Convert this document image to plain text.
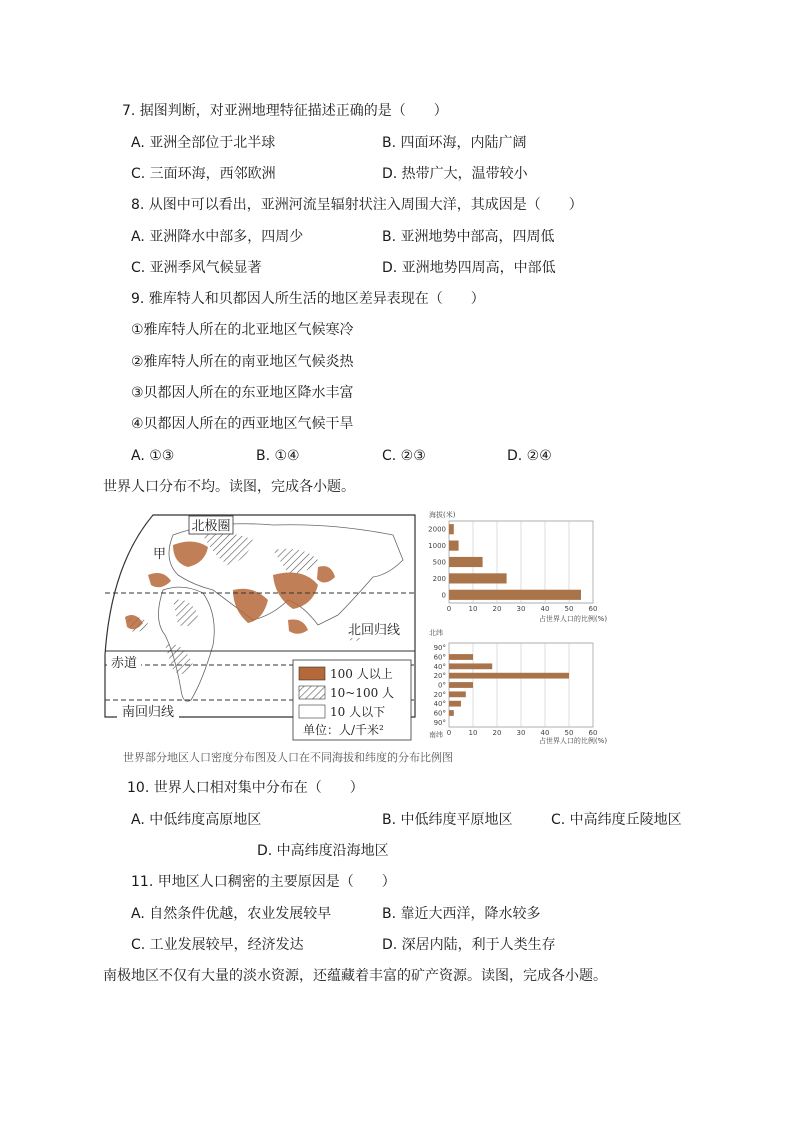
7. 据图判断，对亚洲地理特征描述正确的是（　　）
A. 亚洲全部位于北半球	B. 四面环海，内陆广阔
C. 三面环海，西邻欧洲	D. 热带广大，温带较小
8. 从图中可以看出，亚洲河流呈辐射状注入周围大洋，其成因是（　　）
A. 亚洲降水中部多，四周少	B. 亚洲地势中部高，四周低
C. 亚洲季风气候显著	D. 亚洲地势四周高，中部低
9. 雅库特人和贝都因人所生活的地区差异表现在（　　）
①雅库特人所在的北亚地区气候寒冷
②雅库特人所在的南亚地区气候炎热
③贝都因人所在的东亚地区降水丰富
④贝都因人所在的西亚地区气候干旱
A. ①③	B. ①④	C. ②③	D. ②④
世界人口分布不均。读图，完成各小题。
北极圈
甲
北回归线
赤道
南回归线
100 人以上
10~100 人
10 人以下
单位：人/千米²
海拔(米)
2000
1000
500
200
0
0 10 20 30 40 50 60
占世界人口的比例(%)
北纬
南纬
90°
60°
40°
20°
0°
20°
40°
60°
90°
0 10 20 30 40 50 60
占世界人口的比例(%)
世界部分地区人口密度分布图及人口在不同海拔和纬度的分布比例图
10. 世界人口相对集中分布在（　　）
A. 中低纬度高原地区	B. 中低纬度平原地区	C. 中高纬度丘陵地区
D. 中高纬度沿海地区
11. 甲地区人口稠密的主要原因是（　　）
A. 自然条件优越，农业发展较早	B. 靠近大西洋，降水较多
C. 工业发展较早，经济发达	D. 深居内陆，利于人类生存
南极地区不仅有大量的淡水资源，还蕴藏着丰富的矿产资源。读图，完成各小题。
